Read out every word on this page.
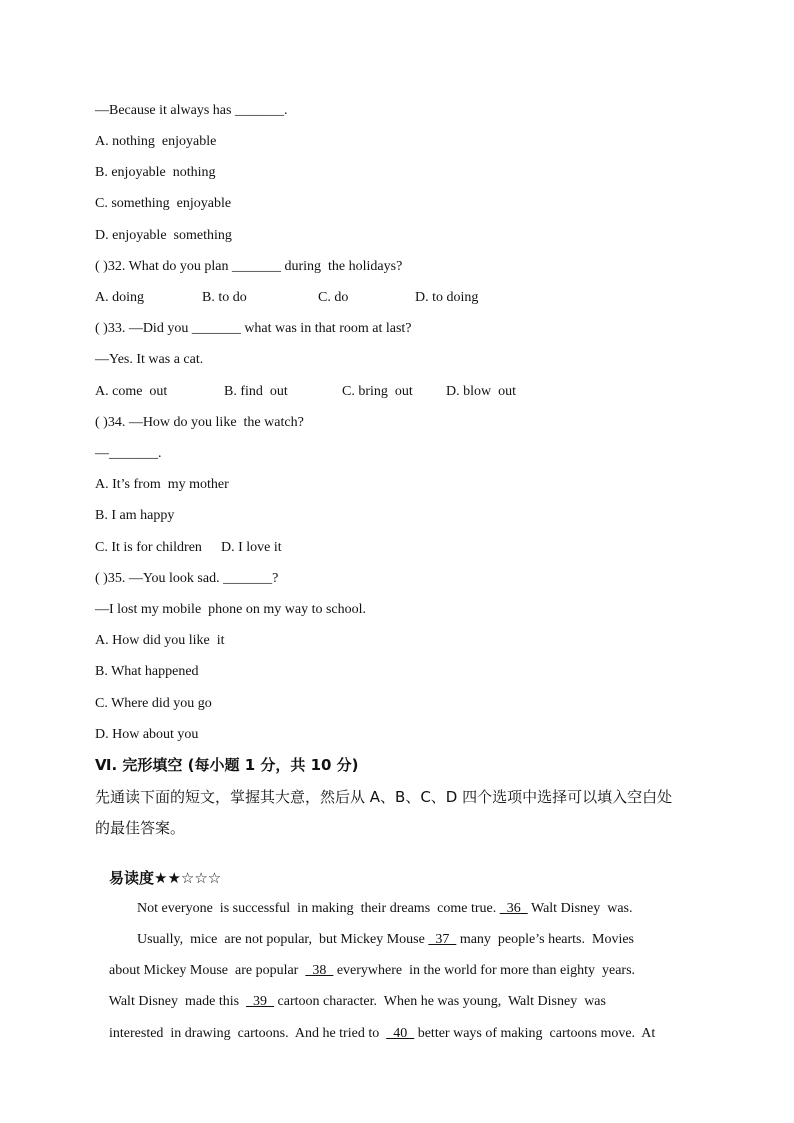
—Because it always has _______.
A. nothing  enjoyable
B. enjoyable  nothing
C. something  enjoyable
D. enjoyable  something
( )32. What do you plan _______ during  the holidays?
A. doing	B. to do	C. do	D. to doing
( )33. —Did you _______ what was in that room at last?
—Yes. It was a cat.
A. come  out	B. find  out	C. bring  out D. blow  out
( )34. —How do you like  the watch?
—_______.
A. It’s from  my mother
B. I am happy
C. It is for children D. I love it
( )35. —You look sad. _______?
—I lost my mobile  phone on my way to school.
A. How did you like  it
B. What happened
C. Where did you go
D. How about you
Ⅵ. 完形填空 (每小题 1 分，共 10 分)
先通读下面的短文，掌握其大意，然后从 A、B、C、D 四个选项中选择可以填入空白处
的最佳答案。

易读度★★☆☆☆

Not everyone  is successful  in making  their dreams  come true.   36   Walt Disney  was.

Usually,  mice  are not popular,  but Mickey Mouse   37   many  people’s hearts.  Movies

about Mickey Mouse  are popular    38   everywhere  in the world for more than eighty  years.

Walt Disney  made this    39   cartoon character.  When he was young,  Walt Disney  was

interested  in drawing  cartoons.  And he tried to    40   better ways of making  cartoons move.  At
